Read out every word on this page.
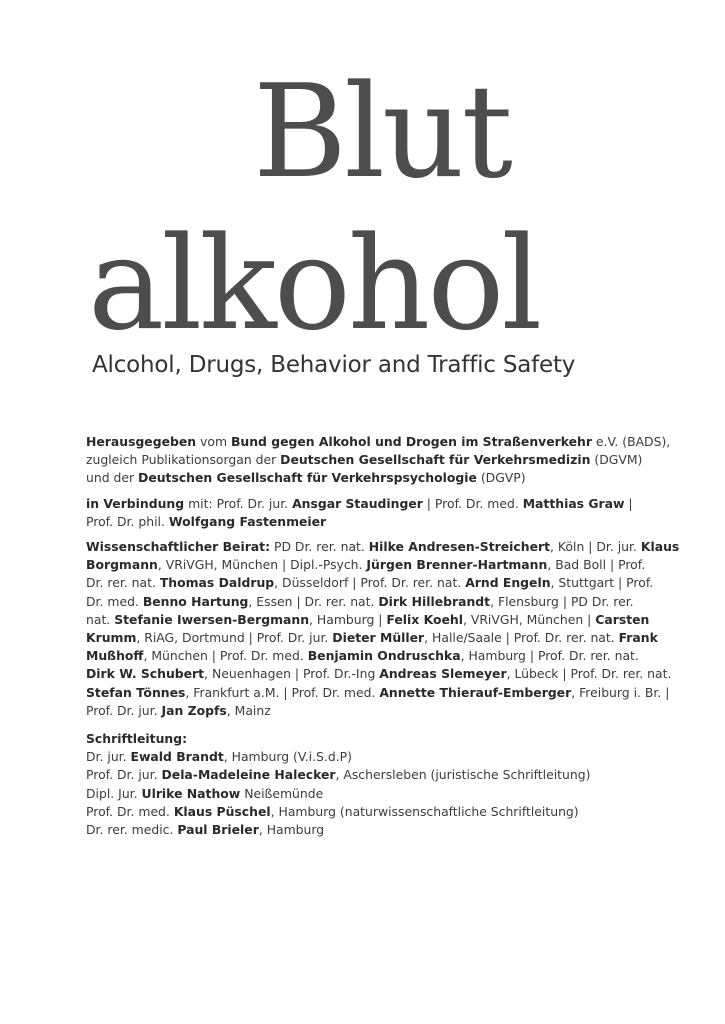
Blut
alkohol
Alcohol, Drugs, Behavior and Traffic Safety

Herausgegeben vom Bund gegen Alkohol und Drogen im Straßenverkehr e.V. (BADS),
zugleich Publikationsorgan der Deutschen Gesellschaft für Verkehrsmedizin (DGVM)
und der Deutschen Gesellschaft für Verkehrspsychologie (DGVP)

in Verbindung mit: Prof. Dr. jur. Ansgar Staudinger | Prof. Dr. med. Matthias Graw |
Prof. Dr. phil. Wolfgang Fastenmeier

Wissenschaftlicher Beirat: PD Dr. rer. nat. Hilke Andresen-Streichert, Köln | Dr. jur. Klaus
Borgmann, VRiVGH, München | Dipl.-Psych. Jürgen Brenner-Hartmann, Bad Boll | Prof.
Dr. rer. nat. Thomas Daldrup, Düsseldorf | Prof. Dr. rer. nat. Arnd Engeln, Stuttgart | Prof.
Dr. med. Benno Hartung, Essen | Dr. rer. nat. Dirk Hillebrandt, Flensburg | PD Dr. rer.
nat. Stefanie Iwersen-Bergmann, Hamburg | Felix Koehl, VRiVGH, München | Carsten
Krumm, RiAG, Dortmund | Prof. Dr. jur. Dieter Müller, Halle/Saale | Prof. Dr. rer. nat. Frank
Mußhoff, München | Prof. Dr. med. Benjamin Ondruschka, Hamburg | Prof. Dr. rer. nat.
Dirk W. Schubert, Neuenhagen | Prof. Dr.-Ing Andreas Slemeyer, Lübeck | Prof. Dr. rer. nat.
Stefan Tönnes, Frankfurt a.M. | Prof. Dr. med. Annette Thierauf-Emberger, Freiburg i. Br. |
Prof. Dr. jur. Jan Zopfs, Mainz

Schriftleitung:
Dr. jur. Ewald Brandt, Hamburg (V.i.S.d.P)
Prof. Dr. jur. Dela-Madeleine Halecker, Aschersleben (juristische Schriftleitung)
Dipl. Jur. Ulrike Nathow Neißemünde
Prof. Dr. med. Klaus Püschel, Hamburg (naturwissenschaftliche Schriftleitung)
Dr. rer. medic. Paul Brieler, Hamburg
